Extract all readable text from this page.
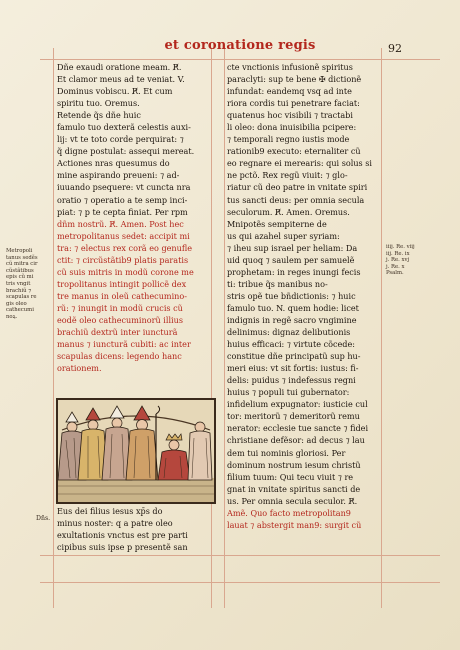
et coronatione regis	92
Dñe exaudi oratione meam. R̸.
Et clamor meus ad te veniat. V.
Dominus vobiscu. R̸. Et cum
spiritu tuo. Oremus.
Retende q̃s dñe huic
famulo tuo dexterã celestis auxi-
lij: vt te toto corde perquirat: ⁊
q̃ digne postulat: assequi mereat.
Actiones nras quesumus do
mine aspirando preueni: ⁊ ad-
iuuando psequere: vt cuncta nra
oratio ⁊ operatio a te semp inci-
piat: ⁊ p te cepta finiat. Per rpm
dñm nostrũ. R̸. Amen. Post hec
metropolitanus sedet: accipit mi
tra: ⁊ electus rex corã eo genufle
ctit: ⁊ circũstãtib9 platis paratis
cũ suis mitris in modũ corone me
tropolitanus intingit pollicẽ dex
tre manus in oleũ cathecumino-
rũ: ⁊ inungit in modũ crucis cũ
eodẽ oleo cathecuminorũ illius
brachiũ dextrũ inter iuncturã
manus ⁊ iuncturã cubiti: ac inter
scapulas dicens: legendo hanc
orationem.
Eus dei filius iesus xp̄s do
minus noster: q a patre oleo
exultationis vnctus est pre parti
cipibus suis ipse p presentẽ san
cte vnctionis infusionẽ spiritus
paraclyti: sup te bene ✠ dictionẽ
infundat: eandemq vsq ad inte
riora cordis tui penetrare faciat:
quatenus hoc visibili ⁊ tractabi
li oleo: dona inuisibilia pcipere:
⁊ temporali regno iustis mode
rationib9 executo: eternaliter cũ
eo regnare ei merearis: qui solus si
ne pctõ. Rex regũ viuit: ⁊ glo-
riatur cũ deo patre in vnitate spiri
tus sancti deus: per omnia secula
seculorum. R̸. Amen. Oremus.
Mnipotẽs sempiterne de
us qui azahel super syriam:
⁊ iheu sup israel per heliam: Da
uid quoq ⁊ saulem per samuelẽ
prophetam: in reges inungi fecis
ti: tribue q̃s manibus no-
stris opẽ tue bñdictionis: ⁊ huic
famulo tuo. N. quem hodie: licet
indignis in regẽ sacro vngimine
delinimus: dignaz delibutionis
huius efficaci: ⁊ virtute cõcede:
constitue dñe principatũ sup hu-
meri eius: vt sit fortis: iustus: fi-
delis: puidus ⁊ indefessus regni
huius ⁊ populi tui gubernator:
infidelium expugnator: iusticie cul
tor: meritorũ ⁊ demeritorũ remu
nerator: ecclesie tue sancte ⁊ fidei
christiane defẽsor: ad decus ⁊ lau
dem tui nominis gloriosi. Per
dominum nostrum iesum christũ
filium tuum: Qui tecu viuit ⁊ re
gnat in vnitate spiritus sancti de
us. Per omnia secula seculor. R̸.
Amẽ. Quo facto metropolitan9
lauat ⁊ abstergit man9: surgit cũ
Metropoli
tanus sedẽs
cũ mitra cir
cũstãtibus
epis cũ mi
tris vngit
brachiũ ⁊
scapulas re
gis oleo
cathecumi
noꝝ.
Dñs.
iiij. Re. viij
iij. Re. ix
j. Re. xvj
j. Re. x
Psalm.
